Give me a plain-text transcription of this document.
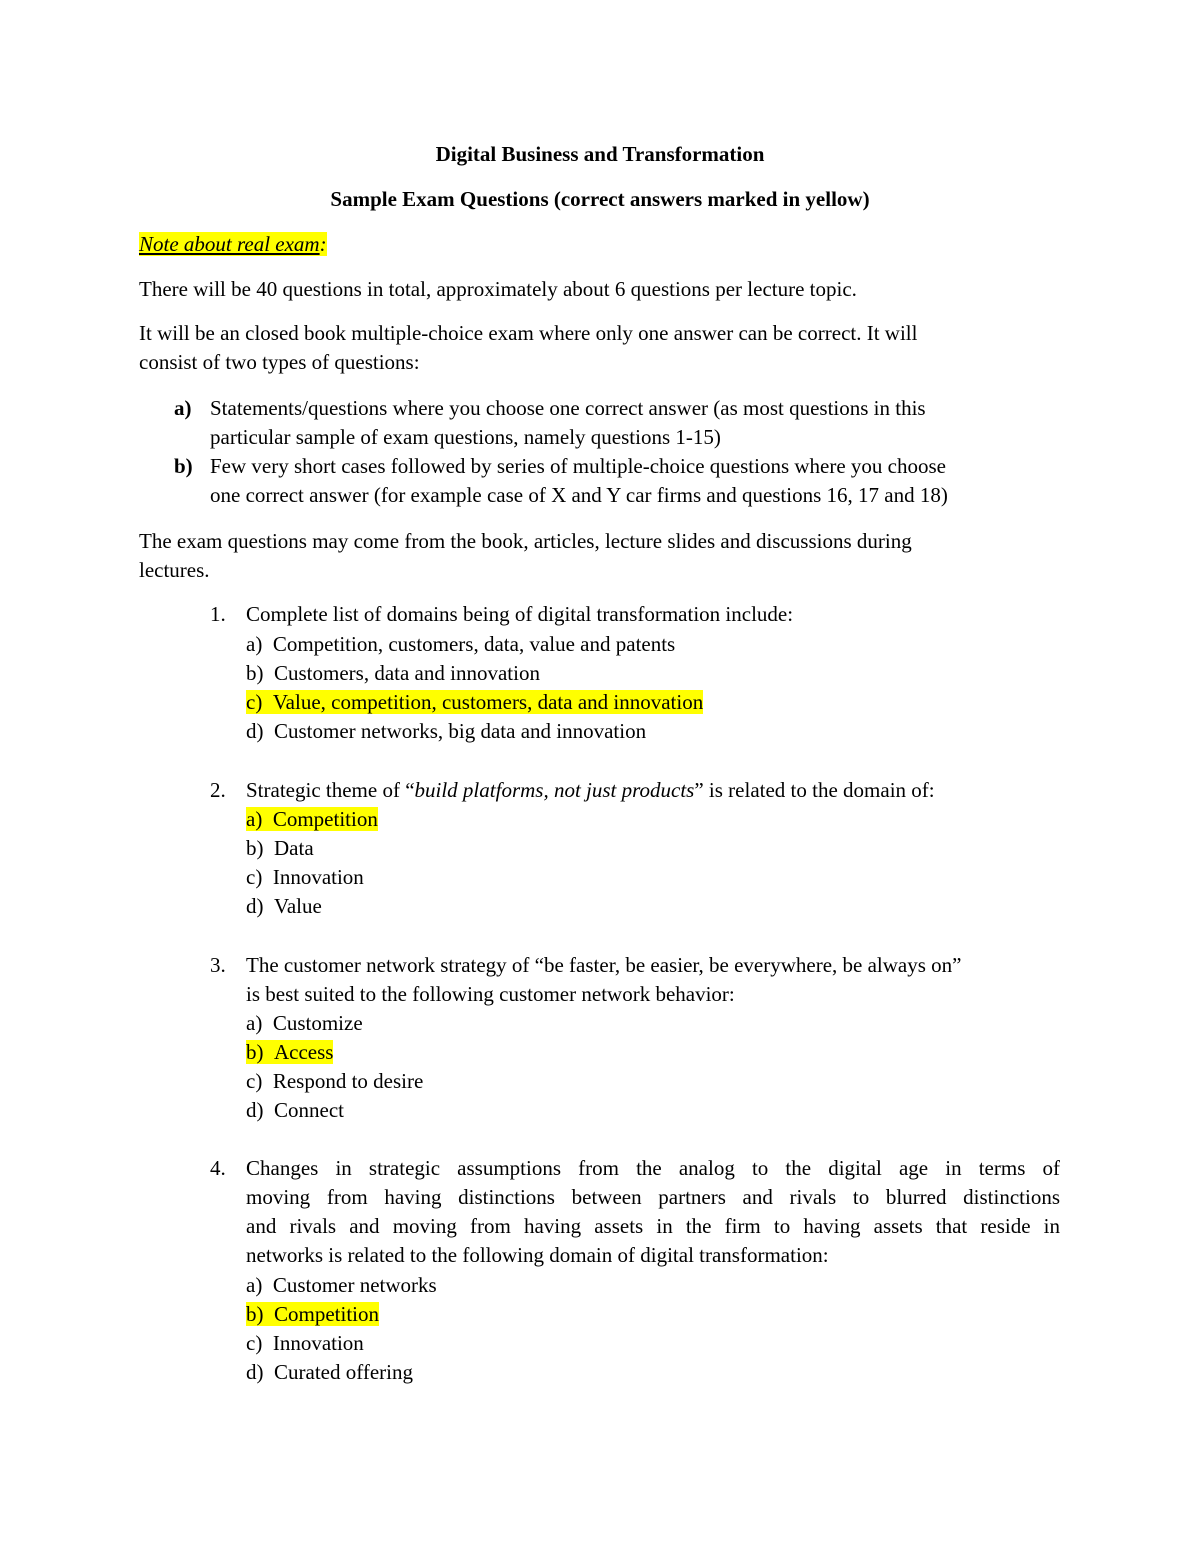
Digital Business and Transformation
Sample Exam Questions (correct answers marked in yellow)
Note about real exam:
There will be 40 questions in total, approximately about 6 questions per lecture topic.
It will be an closed book multiple-choice exam where only one answer can be correct. It will
consist of two types of questions:
a) Statements/questions where you choose one correct answer (as most questions in this
particular sample of exam questions, namely questions 1-15)
b) Few very short cases followed by series of multiple-choice questions where you choose
one correct answer (for example case of X and Y car firms and questions 16, 17 and 18)
The exam questions may come from the book, articles, lecture slides and discussions during
lectures.
1. Complete list of domains being of digital transformation include:
a) Competition, customers, data, value and patents
b) Customers, data and innovation
c) Value, competition, customers, data and innovation
d) Customer networks, big data and innovation
2. Strategic theme of “build platforms, not just products” is related to the domain of:
a) Competition
b) Data
c) Innovation
d) Value
3. The customer network strategy of “be faster, be easier, be everywhere, be always on”
is best suited to the following customer network behavior:
a) Customize
b) Access
c) Respond to desire
d) Connect
4. Changes in strategic assumptions from the analog to the digital age in terms of
moving from having distinctions between partners and rivals to blurred distinctions
and rivals and moving from having assets in the firm to having assets that reside in
networks is related to the following domain of digital transformation:
a) Customer networks
b) Competition
c) Innovation
d) Curated offering
